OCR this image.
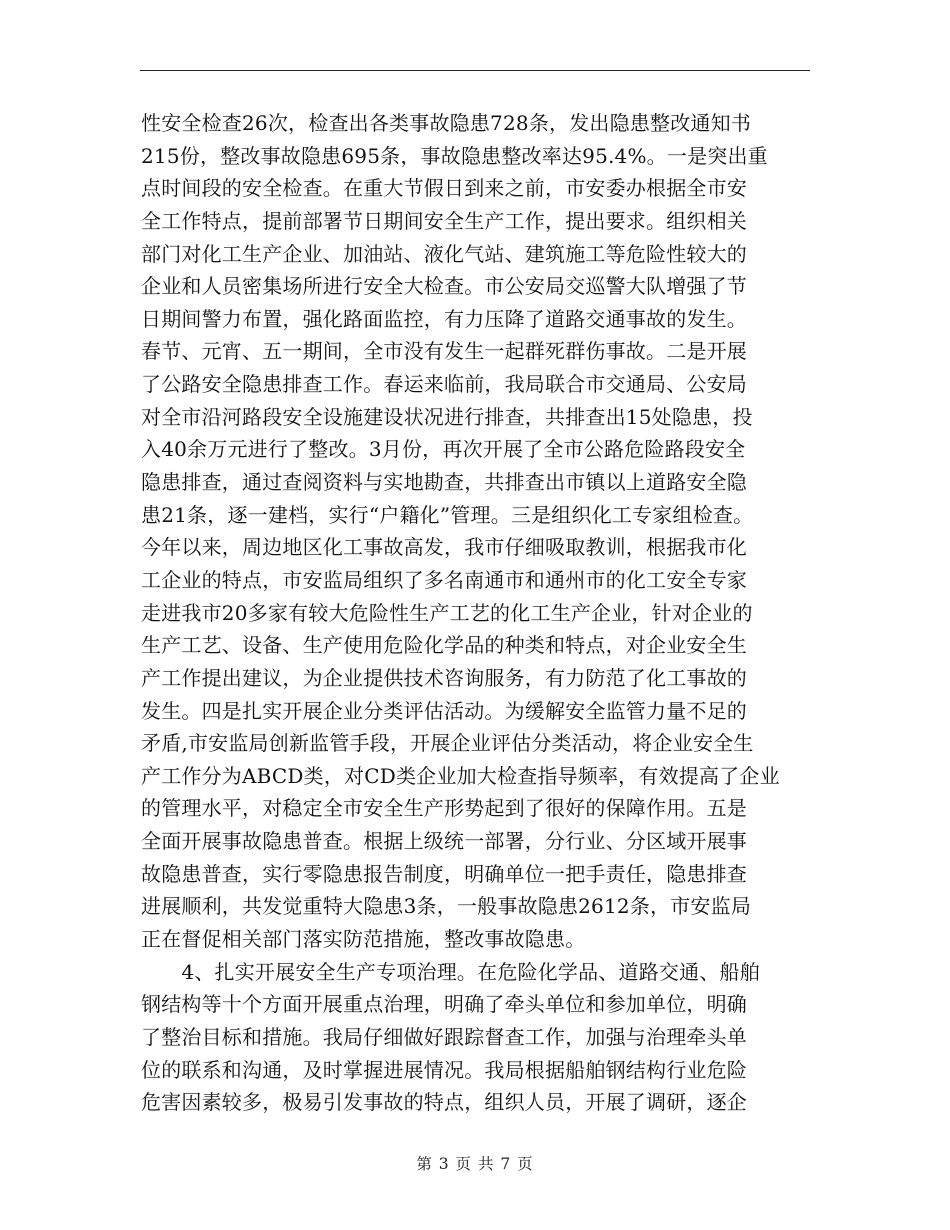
性安全检查26次，检查出各类事故隐患728条，发出隐患整改通知书
215份，整改事故隐患695条，事故隐患整改率达95.4%。一是突出重
点时间段的安全检查。在重大节假日到来之前，市安委办根据全市安
全工作特点，提前部署节日期间安全生产工作，提出要求。组织相关
部门对化工生产企业、加油站、液化气站、建筑施工等危险性较大的
企业和人员密集场所进行安全大检查。市公安局交巡警大队增强了节
日期间警力布置，强化路面监控，有力压降了道路交通事故的发生。
春节、元宵、五一期间，全市没有发生一起群死群伤事故。二是开展
了公路安全隐患排查工作。春运来临前，我局联合市交通局、公安局
对全市沿河路段安全设施建设状况进行排查，共排查出15处隐患，投
入40余万元进行了整改。3月份，再次开展了全市公路危险路段安全
隐患排查，通过查阅资料与实地勘查，共排查出市镇以上道路安全隐
患21条，逐一建档，实行“户籍化”管理。三是组织化工专家组检查。
今年以来，周边地区化工事故高发，我市仔细吸取教训，根据我市化
工企业的特点，市安监局组织了多名南通市和通州市的化工安全专家
走进我市20多家有较大危险性生产工艺的化工生产企业，针对企业的
生产工艺、设备、生产使用危险化学品的种类和特点，对企业安全生
产工作提出建议，为企业提供技术咨询服务，有力防范了化工事故的
发生。四是扎实开展企业分类评估活动。为缓解安全监管力量不足的
矛盾,市安监局创新监管手段，开展企业评估分类活动，将企业安全生
产工作分为ABCD类，对CD类企业加大检查指导频率，有效提高了企业
的管理水平，对稳定全市安全生产形势起到了很好的保障作用。五是
全面开展事故隐患普查。根据上级统一部署，分行业、分区域开展事
故隐患普查，实行零隐患报告制度，明确单位一把手责任，隐患排查
进展顺利，共发觉重特大隐患3条，一般事故隐患2612条，市安监局
正在督促相关部门落实防范措施，整改事故隐患。
　　4、扎实开展安全生产专项治理。在危险化学品、道路交通、船舶
钢结构等十个方面开展重点治理，明确了牵头单位和参加单位，明确
了整治目标和措施。我局仔细做好跟踪督查工作，加强与治理牵头单
位的联系和沟通，及时掌握进展情况。我局根据船舶钢结构行业危险
危害因素较多，极易引发事故的特点，组织人员，开展了调研，逐企
第 3 页 共 7 页
